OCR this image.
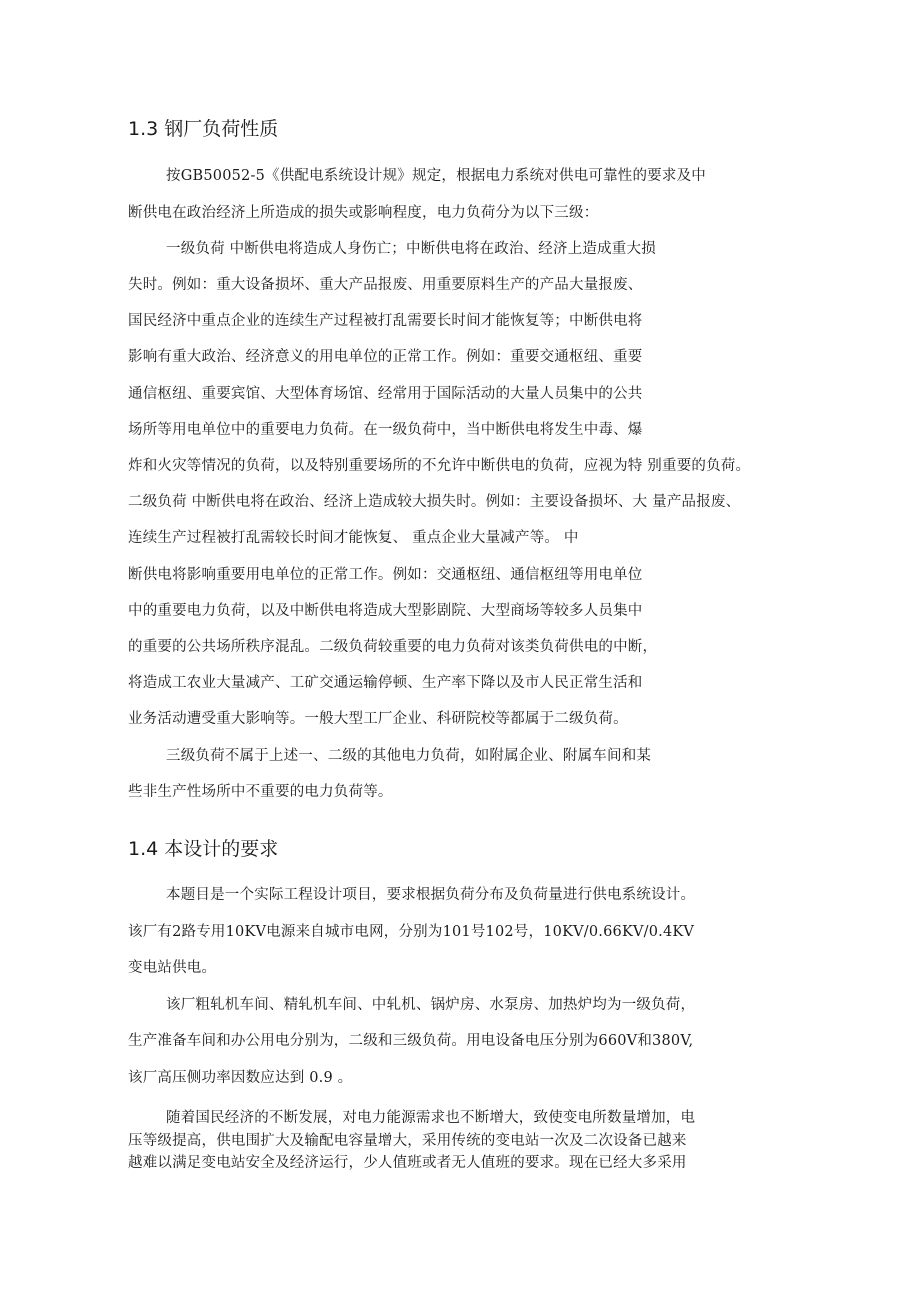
1.3 钢厂负荷性质

按GB50052-5《供配电系统设计规》规定，根据电力系统对供电可靠性的要求及中

断供电在政治经济上所造成的损失或影响程度，电力负荷分为以下三级：

一级负荷 中断供电将造成人身伤亡；中断供电将在政治、经济上造成重大损

失时。例如：重大设备损坏、重大产品报废、用重要原料生产的产品大量报废、

国民经济中重点企业的连续生产过程被打乱需要长时间才能恢复等；中断供电将

影响有重大政治、经济意义的用电单位的正常工作。例如：重要交通枢纽、重要

通信枢纽、重要宾馆、大型体育场馆、经常用于国际活动的大量人员集中的公共

场所等用电单位中的重要电力负荷。在一级负荷中，当中断供电将发生中毒、爆

炸和火灾等情况的负荷，以及特别重要场所的不允许中断供电的负荷，应视为特 别重要的负荷。

二级负荷 中断供电将在政治、经济上造成较大损失时。例如：主要设备损坏、大 量产品报废、

连续生产过程被打乱需较长时间才能恢复、 重点企业大量减产等。 中

断供电将影响重要用电单位的正常工作。例如：交通枢纽、通信枢纽等用电单位

中的重要电力负荷，以及中断供电将造成大型影剧院、大型商场等较多人员集中

的重要的公共场所秩序混乱。二级负荷较重要的电力负荷对该类负荷供电的中断，

将造成工农业大量减产、工矿交通运输停顿、生产率下降以及市人民正常生活和

业务活动遭受重大影响等。一般大型工厂企业、科研院校等都属于二级负荷。

三级负荷不属于上述一、二级的其他电力负荷，如附属企业、附属车间和某

些非生产性场所中不重要的电力负荷等。

1.4 本设计的要求

本题目是一个实际工程设计项目，要求根据负荷分布及负荷量进行供电系统设计。

该厂有2路专用10KV电源来自城市电网，分别为101号102号，10KV/0.66KV/0.4KV

变电站供电。

该厂粗轧机车间、精轧机车间、中轧机、锅炉房、水泵房、加热炉均为一级负荷，

生产准备车间和办公用电分别为，二级和三级负荷。用电设备电压分别为660V和380V,

该厂高压侧功率因数应达到 0.9 。

随着国民经济的不断发展，对电力能源需求也不断增大，致使变电所数量增加，电

压等级提高，供电围扩大及输配电容量增大，采用传统的变电站一次及二次设备已越来

越难以满足变电站安全及经济运行，少人值班或者无人值班的要求。现在已经大多采用
